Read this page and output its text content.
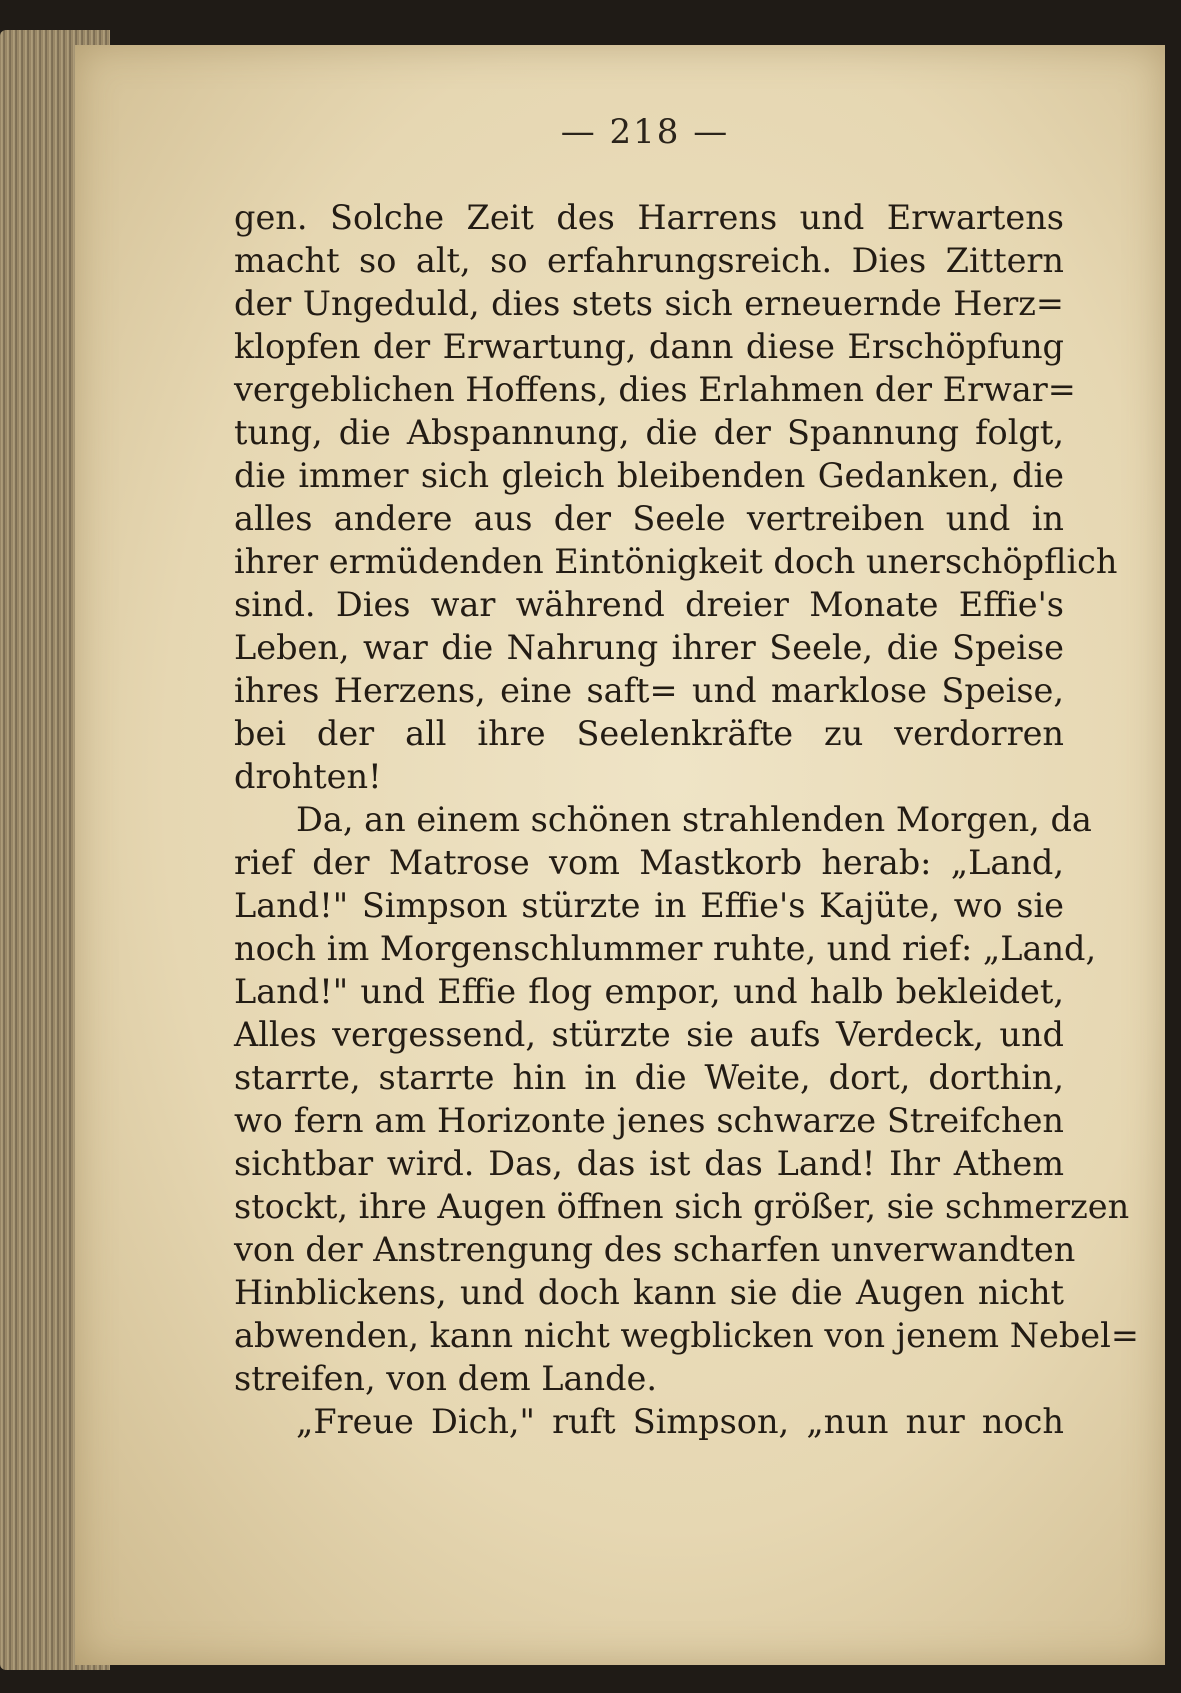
— 218 —
gen. Solche Zeit des Harrens und Erwartens
macht so alt, so erfahrungsreich. Dies Zittern
der Ungeduld, dies stets sich erneuernde Herz=
klopfen der Erwartung, dann diese Erschöpfung
vergeblichen Hoffens, dies Erlahmen der Erwar=
tung, die Abspannung, die der Spannung folgt,
die immer sich gleich bleibenden Gedanken, die
alles andere aus der Seele vertreiben und in
ihrer ermüdenden Eintönigkeit doch unerschöpflich
sind. Dies war während dreier Monate Effie's
Leben, war die Nahrung ihrer Seele, die Speise
ihres Herzens, eine saft= und marklose Speise,
bei der all ihre Seelenkräfte zu verdorren
drohten!
Da, an einem schönen strahlenden Morgen, da
rief der Matrose vom Mastkorb herab: „Land,
Land!" Simpson stürzte in Effie's Kajüte, wo sie
noch im Morgenschlummer ruhte, und rief: „Land,
Land!" und Effie flog empor, und halb bekleidet,
Alles vergessend, stürzte sie aufs Verdeck, und
starrte, starrte hin in die Weite, dort, dorthin,
wo fern am Horizonte jenes schwarze Streifchen
sichtbar wird. Das, das ist das Land! Ihr Athem
stockt, ihre Augen öffnen sich größer, sie schmerzen
von der Anstrengung des scharfen unverwandten
Hinblickens, und doch kann sie die Augen nicht
abwenden, kann nicht wegblicken von jenem Nebel=
streifen, von dem Lande.
„Freue Dich," ruft Simpson, „nun nur noch
